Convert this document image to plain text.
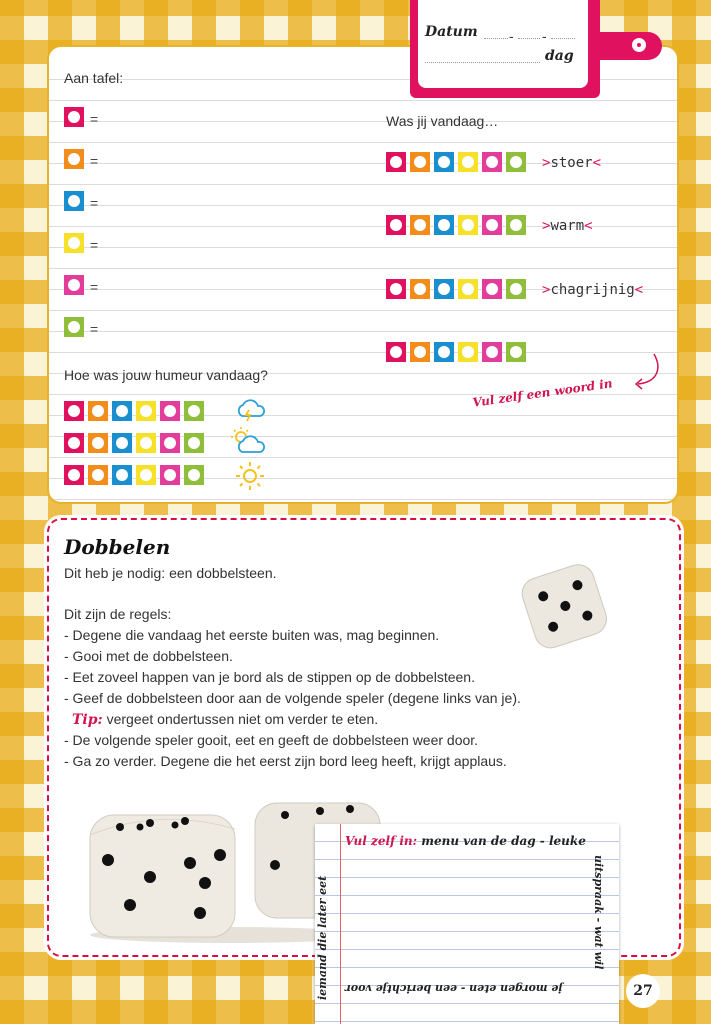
Datum - -
dag
Aan tafel:
=
=
=
=
=
=
Was jij vandaag…
>stoer<
>warm<
>chagrijnig<
Vul zelf een woord in
Hoe was jouw humeur vandaag?
Dobbelen
Dit heb je nodig: een dobbelsteen.
Dit zijn de regels:
- Degene die vandaag het eerste buiten was, mag beginnen.
- Gooi met de dobbelsteen.
- Eet zoveel happen van je bord als de stippen op de dobbelsteen.
- Geef de dobbelsteen door aan de volgende speler (degene links van je).
Tip: vergeet ondertussen niet om verder te eten.
- De volgende speler gooit, eet en geeft de dobbelsteen weer door.
- Ga zo verder. Degene die het eerst zijn bord leeg heeft, krijgt applaus.
Vul zelf in: menu van de dag - leuke
uitspraak - wat wil
je morgen eten - een berichtje voor
iemand die later eet	27
